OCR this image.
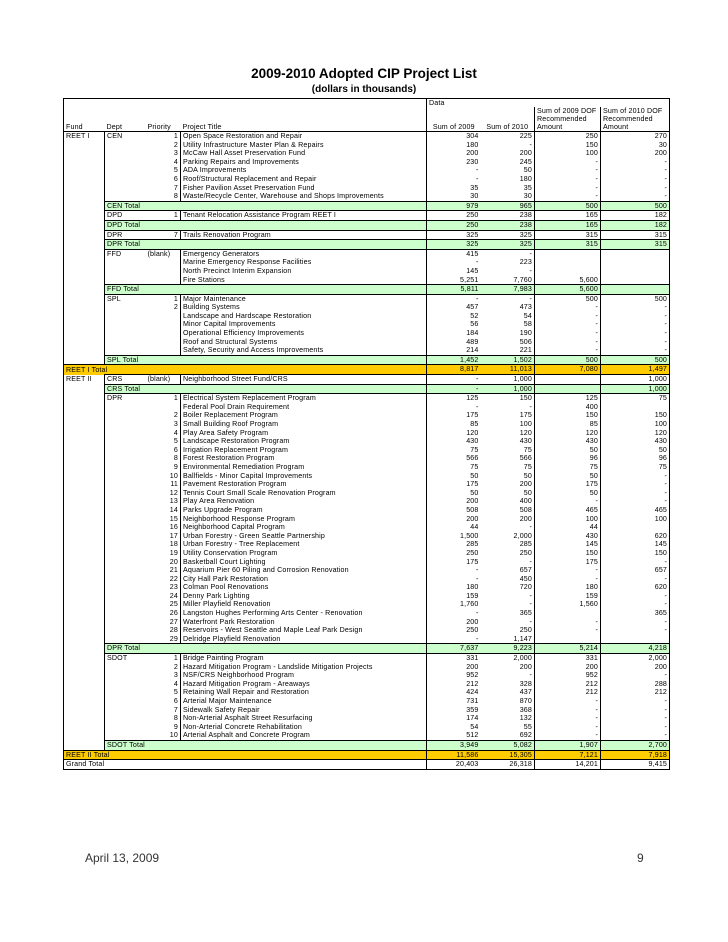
2009-2010 Adopted CIP Project List
(dollars in thousands)
				Data			
						Sum of 2009 DOF	Sum of 2010 DOF
						Recommended	Recommended
Fund	Dept	Priority	Project Title	Sum of 2009	Sum of 2010	Amount	Amount
REET I	CEN	1	Open Space Restoration and Repair	304	225	250	270
		2	Utility Infrastructure Master Plan & Repairs	180	-	150	30
		3	McCaw Hall Asset Preservation Fund	200	200	100	200
		4	Parking Repairs and Improvements	230	245	-	-
		5	ADA Improvements	-	50	-	-
		6	Roof/Structural Replacement and Repair	-	180	-	-
		7	Fisher Pavilion Asset Preservation Fund	35	35	-	-
		8	Waste/Recycle Center, Warehouse and Shops Improvements	30	30	-	-
	CEN Total			979	965	500	500
	DPD	1	Tenant Relocation Assistance Program REET I	250	238	165	182
	DPD Total			250	238	165	182
	DPR	7	Trails Renovation Program	325	325	315	315
	DPR Total			325	325	315	315
	FFD	(blank)	Emergency Generators	415	-		
			Marine Emergency Response Facilities	-	223		
			North Precinct Interim Expansion	145	-		
			Fire Stations	5,251	7,760	5,600	
	FFD Total			5,811	7,983	5,600	
	SPL	1	Major Maintenance	-	-	500	500
		2	Building Systems	457	473	-	-
			Landscape and Hardscape Restoration	52	54	-	-
			Minor Capital Improvements	56	58	-	-
			Operational Efficiency Improvements	184	190	-	-
			Roof and Structural Systems	489	506	-	-
			Safety, Security and Access Improvements	214	221	-	-
	SPL Total			1,452	1,502	500	500
REET I Total				8,817	11,013	7,080	1,497
REET II	CRS	(blank)	Neighborhood Street Fund/CRS	-	1,000		1,000
	CRS Total			-	1,000		1,000
	DPR	1	Electrical System Replacement Program	125	150	125	75
			Federal Pool Drain Requirement	-	-	400	
		2	Boiler Replacement Program	175	175	150	150
		3	Small Building Roof Program	85	100	85	100
		4	Play Area Safety Program	120	120	120	120
		5	Landscape Restoration Program	430	430	430	430
		6	Irrigation Replacement Program	75	75	50	50
		8	Forest Restoration Program	566	566	96	96
		9	Environmental Remediation Program	75	75	75	75
		10	Ballfields - Minor Capital Improvements	50	50	50	-
		11	Pavement Restoration Program	175	200	175	-
		12	Tennis Court Small Scale Renovation Program	50	50	50	-
		13	Play Area Renovation	200	400	-	-
		14	Parks Upgrade Program	508	508	465	465
		15	Neighborhood Response Program	200	200	100	100
		16	Neighborhood Capital Program	44	-	44	
		17	Urban Forestry - Green Seattle Partnership	1,500	2,000	430	620
		18	Urban Forestry - Tree Replacement	285	285	145	145
		19	Utility Conservation Program	250	250	150	150
		20	Basketball Court Lighting	175	-	175	-
		21	Aquarium Pier 60 Piling and Corrosion Renovation	-	657	-	657
		22	City Hall Park Restoration	-	450	-	-
		23	Colman Pool Renovations	180	720	180	620
		24	Denny Park Lighting	159	-	159	-
		25	Miller Playfield Renovation	1,760	-	1,560	-
		26	Langston Hughes Performing Arts Center - Renovation	-	365		365
		27	Waterfront Park Restoration	200	-	-	-
		28	Reservoirs - West Seattle and Maple Leaf Park Design	250	250	-	-
		29	Delridge Playfield Renovation	-	1,147		
	DPR Total			7,637	9,223	5,214	4,218
	SDOT	1	Bridge Painting Program	331	2,000	331	2,000
		2	Hazard Mitigation Program - Landslide Mitigation Projects	200	200	200	200
		3	NSF/CRS Neighborhood Program	952	-	952	-
		4	Hazard Mitigation Program - Areaways	212	328	212	288
		5	Retaining Wall Repair and Restoration	424	437	212	212
		6	Arterial Major Maintenance	731	870	-	-
		7	Sidewalk Safety Repair	359	368	-	-
		8	Non-Arterial Asphalt Street Resurfacing	174	132	-	-
		9	Non-Arterial Concrete Rehabilitation	54	55	-	-
		10	Arterial Asphalt and Concrete Program	512	692	-	-
	SDOT Total			3,949	5,082	1,907	2,700
REET II Total				11,586	15,305	7,121	7,918
Grand Total				20,403	26,318	14,201	9,415
April 13, 2009	9
